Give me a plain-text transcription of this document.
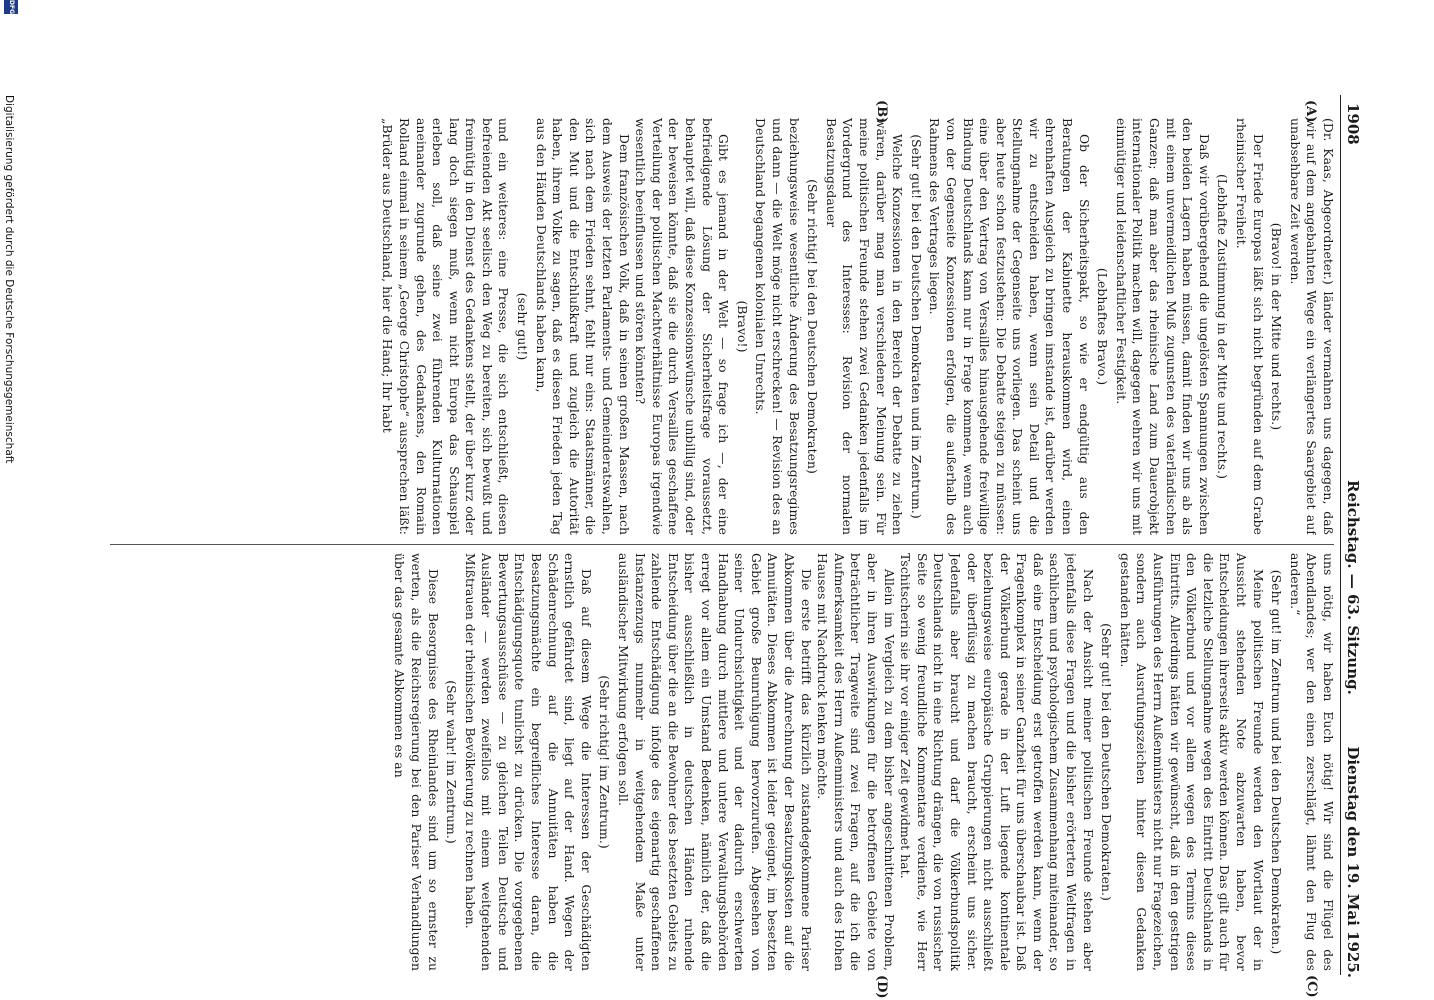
1908
Reichstag. — 63. Sitzung.
Dienstag den 19. Mai 1925.
(A)
(B)
(C)
(D)

(Dr. Kaas, Abgeordneter.) länder vermahnen uns dagegen, daß wir auf dem angebahnten Wege ein verlängertes Saargebiet auf unabsehbare Zeit werden.

(Bravo! in der Mitte und rechts.)

Der Friede Europas läßt sich nicht begründen auf dem Grabe rheinischer Freiheit.

(Lebhafte Zustimmung in der Mitte und rechts.)

Daß wir vorübergehend die ungelösten Spannungen zwischen den beiden Lagern haben müssen, damit finden wir uns ab als mit einem unvermeidlichen Muß zugunsten des vaterländischen Ganzen; daß man aber das rheinische Land zum Dauerobjekt internationaler Politik machen will, dagegen wehren wir uns mit einmütiger und leidenschaftlicher Festigkeit.

(Lebhaftes Bravo.)

Ob der Sicherheitspakt, so wie er endgültig aus den Beratungen der Kabinette herauskommen wird, einen ehrenhaften Ausgleich zu bringen imstande ist, darüber werden wir zu entscheiden haben, wenn sein Detail und die Stellungnahme der Gegenseite uns vorliegen. Das scheint uns aber heute schon festzustehen: Die Debatte steigen zu müssen: eine über den Vertrag von Versailles hinausgehende freiwillige Bindung Deutschlands kann nur in Frage kommen, wenn auch von der Gegenseite Konzessionen erfolgen, die außerhalb des Rahmens des Vertrages liegen.

(Sehr gut! bei den Deutschen Demokraten und im Zentrum.)

Welche Konzessionen in den Bereich der Debatte zu ziehen wären, darüber mag man verschiedener Meinung sein. Für meine politischen Freunde stehen zwei Gedanken jedenfalls im Vordergrund des Interesses: Revision der normalen Besatzungsdauer

(Sehr richtig! bei den Deutschen Demokraten)

beziehungsweise wesentliche Änderung des Besatzungsregimes und dann — die Welt möge nicht erschrecken! — Revision des an Deutschland begangenen kolonialen Unrechts.

(Bravo!)

Gibt es jemand in der Welt — so frage ich —, der eine befriedigende Lösung der Sicherheitsfrage voraussetzt, behauptet will, daß diese Konzessionswünsche unbillig sind, oder der beweisen könnte, daß sie die durch Versailles geschaffene Verteilung der politischen Machtverhältnisse Europas irgendwie wesentlich beeinflussen und stören könnten?

Dem französischen Volk, daß in seinen großen Massen, nach dem Ausweis der letzten Parlaments- und Gemeinderatswahlen, sich nach dem Frieden sehnt, fehlt nur eins: Staatsmänner, die den Mut und die Entschlußkraft und zugleich die Autorität haben, ihrem Volke zu sagen, daß es diesen Frieden jeden Tag aus den Händen Deutschlands haben kann,

(sehr gut!)

und ein weiteres: eine Presse, die sich entschließt, diesen befreienden Akt seelisch den Weg zu bereiten, sich bewußt und freimütig in den Dienst des Gedankens stellt, der über kurz oder lang doch siegen muß, wenn nicht Europa das Schauspiel erleben soll, daß seine zwei führenden Kulturnationen aneinander zugrunde gehen, des Gedankens, den Romain Rolland einmal in seinem „George Christophe“ aussprechen läßt: „Brüder aus Deutschland, hier die Hand; Ihr habt

uns nötig, wir haben Euch nötig! Wir sind die Flügel des Abendlandes; wer den einen zerschlägt, lähmt den Flug des anderen.“

(Sehr gut! im Zentrum und bei den Deutschen Demokraten.)

Meine politischen Freunde werden den Wortlaut der in Aussicht stehenden Note abzuwarten haben, bevor Entscheidungen ihrerseits aktiv werden können. Das gilt auch für die letzliche Stellungnahme wegen des Eintritt Deutschlands in den Völkerbund und vor allem wegen des Termins dieses Eintritts. Allerdings hätten wir gewünscht, daß in den gestrigen Ausführungen des Herrn Außenministers nicht nur Fragezeichen, sondern auch Ausrufungszeichen hinter diesen Gedanken gestanden hätten.

(Sehr gut! bei den Deutschen Demokraten.)

Nach der Ansicht meiner politischen Freunde stehen aber jedenfalls diese Fragen und die bisher erörterten Weltfragen in sachlichem und psychologischem Zusammenhang miteinander, so daß eine Entscheidung erst getroffen werden kann, wenn der Fragenkomplex in seiner Ganzheit für uns überschaubar ist. Daß der Völkerbund gerade in der Luft liegende kontinentale beziehungsweise europäische Gruppierungen nicht ausschließt oder überflüssig zu machen braucht, erscheint uns sicher. Jedenfalls aber braucht und darf die Völkerbundspolitik Deutschlands nicht in eine Richtung drängen, die von russischer Seite so wenig freundliche Kommentare verdiente, wie Herr Tschitscherin sie ihr vor einiger Zeit gewidmet hat.

Allein im Vergleich zu dem bisher angeschnittenen Problem, aber in ihren Auswirkungen für die betroffenen Gebiete von beträchtlicher Tragweite sind zwei Fragen, auf die ich die Aufmerksamkeit des Herrn Außenministers und auch des Hohen Hauses mit Nachdruck lenken möchte.

Die erste betrifft das kürzlich zustandegekommene Pariser Abkommen über die Anrechnung der Besatzungskosten auf die Annuitäten. Dieses Abkommen ist leider geeignet, im besetzten Gebiet große Beunruhigung hervorzurufen. Abgesehen von seiner Undurchsichtigkeit und der dadurch erschwerten Handhabung durch mittlere und untere Verwaltungsbehörden erregt vor allem ein Umstand Bedenken, nämlich der, daß die bisher ausschließlich in deutschen Händen ruhende Entscheidung über die an die Bewohner des besetzten Gebiets zu zahlende Entschädigung infolge des eigenartig geschaffenen Instanzenzugs nunmehr in weitgehendem Maße unter ausländischer Mitwirkung erfolgen soll.

(Sehr richtig! im Zentrum.)

Daß auf diesem Wege die Interessen der Geschädigten ernstlich gefährdet sind, liegt auf der Hand. Wegen der Schädenrechnung auf die Annuitäten haben die Besatzungsmächte ein begreifliches Interesse daran, die Entschädigungsquote tunlichst zu drücken. Die vorgegebenen Bewertungsausschüsse — zu gleichen Teilen Deutsche und Ausländer — werden zweifellos mit einem weitgehenden Mißtrauen der rheinischen Bevölkerung zu rechnen haben.

(Sehr wahr! im Zentrum.)

Diese Besorgnisse des Rheinlandes sind um so ernster zu werten, als die Reichsregierung bei den Pariser Verhandlungen über das gesamte Abkommen es an

DFG
Digitalisierung gefördert durch die Deutsche Forschungsgemeinschaft
